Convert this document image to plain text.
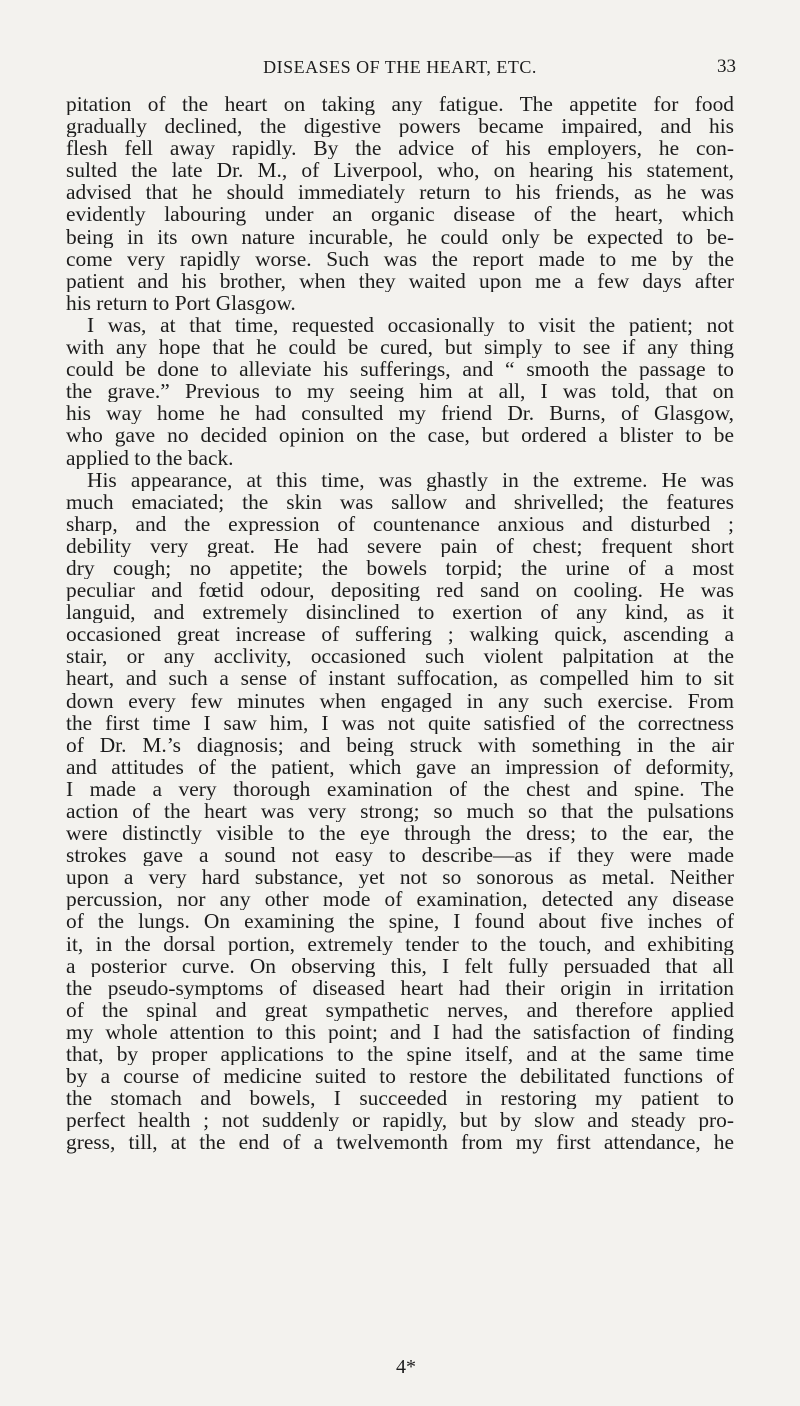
DISEASES OF THE HEART, ETC.	33
pitation of the heart on taking any fatigue. The appetite for food
gradually declined, the digestive powers became impaired, and his
flesh fell away rapidly. By the advice of his employers, he con-
sulted the late Dr. M., of Liverpool, who, on hearing his statement,
advised that he should immediately return to his friends, as he was
evidently labouring under an organic disease of the heart, which
being in its own nature incurable, he could only be expected to be-
come very rapidly worse. Such was the report made to me by the
patient and his brother, when they waited upon me a few days after
his return to Port Glasgow.
I was, at that time, requested occasionally to visit the patient; not
with any hope that he could be cured, but simply to see if any thing
could be done to alleviate his sufferings, and “ smooth the passage to
the grave.” Previous to my seeing him at all, I was told, that on
his way home he had consulted my friend Dr. Burns, of Glasgow,
who gave no decided opinion on the case, but ordered a blister to be
applied to the back.
His appearance, at this time, was ghastly in the extreme. He was
much emaciated; the skin was sallow and shrivelled; the features
sharp, and the expression of countenance anxious and disturbed ;
debility very great. He had severe pain of chest; frequent short
dry cough; no appetite; the bowels torpid; the urine of a most
peculiar and fœtid odour, depositing red sand on cooling. He was
languid, and extremely disinclined to exertion of any kind, as it
occasioned great increase of suffering ; walking quick, ascending a
stair, or any acclivity, occasioned such violent palpitation at the
heart, and such a sense of instant suffocation, as compelled him to sit
down every few minutes when engaged in any such exercise. From
the first time I saw him, I was not quite satisfied of the correctness
of Dr. M.’s diagnosis; and being struck with something in the air
and attitudes of the patient, which gave an impression of deformity,
I made a very thorough examination of the chest and spine. The
action of the heart was very strong; so much so that the pulsations
were distinctly visible to the eye through the dress; to the ear, the
strokes gave a sound not easy to describe—as if they were made
upon a very hard substance, yet not so sonorous as metal. Neither
percussion, nor any other mode of examination, detected any disease
of the lungs. On examining the spine, I found about five inches of
it, in the dorsal portion, extremely tender to the touch, and exhibiting
a posterior curve. On observing this, I felt fully persuaded that all
the pseudo-symptoms of diseased heart had their origin in irritation
of the spinal and great sympathetic nerves, and therefore applied
my whole attention to this point; and I had the satisfaction of finding
that, by proper applications to the spine itself, and at the same time
by a course of medicine suited to restore the debilitated functions of
the stomach and bowels, I succeeded in restoring my patient to
perfect health ; not suddenly or rapidly, but by slow and steady pro-
gress, till, at the end of a twelvemonth from my first attendance, he
4*
